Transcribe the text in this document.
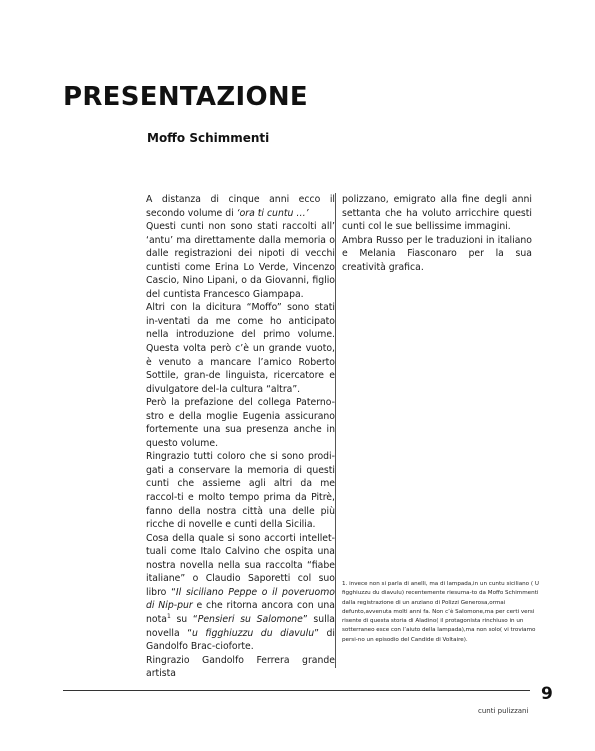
PRESENTAZIONE
Moffo Schimmenti

A distanza di cinque anni ecco il secondo volume di ‘ora ti cuntu …’

Questi cunti non sono stati raccolti all’ ‘antu’ ma direttamente dalla memoria o dalle registrazioni dei nipoti di vecchi cuntisti come Erina Lo Verde, Vincenzo Cascio, Nino Lipani, o da Giovanni, figlio del cuntista Francesco Giampapa.

Altri con la dicitura “Moffo” sono stati in-ventati da me come ho anticipato nella introduzione del primo volume. Questa volta però c’è un grande vuoto, è venuto a mancare l’amico Roberto Sottile, gran-de linguista, ricercatore e divulgatore del-la cultura “altra”.

Però la prefazione del collega Paterno-stro e della moglie Eugenia assicurano fortemente una sua presenza anche in questo volume.

Ringrazio tutti coloro che si sono prodi-gati a conservare la memoria di questi cunti che assieme agli altri da me raccol-ti e molto tempo prima da Pitrè, fanno della nostra città una delle più ricche di novelle e cunti della Sicilia.

Cosa della quale si sono accorti intellet-tuali come Italo Calvino che ospita una nostra novella nella sua raccolta “fiabe italiane” o Claudio Saporetti col suo libro “Il siciliano Peppe o il poveruomo di Nip-pur e che ritorna ancora con una nota$^1$ su “Pensieri su Salomone” sulla novella “u figghiuzzu du diavulu” di Gandolfo Brac-cioforte.

Ringrazio Gandolfo Ferrera grande artista

polizzano, emigrato alla fine degli anni settanta che ha voluto arricchire questi cunti col le sue bellissime immagini.

Ambra Russo per le traduzioni in italiano e Melania Fiasconaro per la sua creatività grafica.

1. invece non si parla di anelli, ma di lampada,in un cuntu siciliano ( U figghiuzzu du diavulu) recentemente riesuma-to da Moffo Schimmenti dalla registrazione di un anziano di Polizzi Generosa,ormai defunto,avvenuta molti anni fa. Non c’è Salomone,ma per certi versi risente di questa storia di Aladino( il protagonista rinchiuso in un sotterraneo esce con l’aiuto della lampada),ma non solo( vi troviamo persi-no un episodio del Candide di Voltaire).

cunti pulizzani
9
